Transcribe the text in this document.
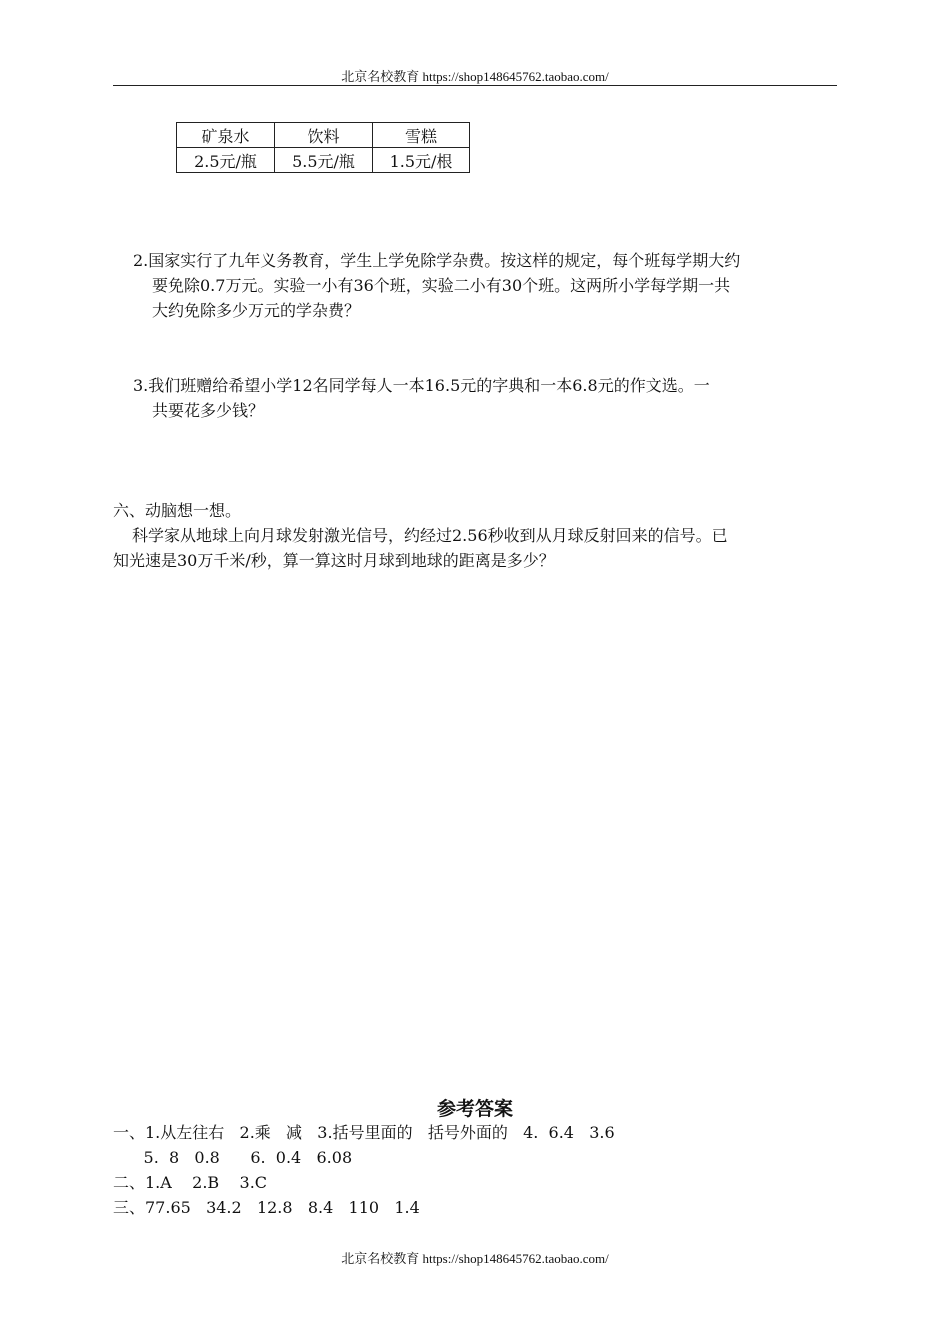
北京名校教育 https://shop148645762.taobao.com/
矿泉水	饮料	雪糕
2.5元/瓶	5.5元/瓶	1.5元/根
2.国家实行了九年义务教育，学生上学免除学杂费。按这样的规定，每个班每学期大约
要免除0.7万元。实验一小有36个班，实验二小有30个班。这两所小学每学期一共
大约免除多少万元的学杂费？
3.我们班赠给希望小学12名同学每人一本16.5元的字典和一本6.8元的作文选。一
共要花多少钱？
六、动脑想一想。
科学家从地球上向月球发射激光信号，约经过2.56秒收到从月球反射回来的信号。已
知光速是30万千米/秒，算一算这时月球到地球的距离是多少？
参考答案
一、1.从左往右   2.乘   减   3.括号里面的   括号外面的   4.  6.4   3.6
5.  8   0.8      6.  0.4   6.08
二、1.A    2.B    3.C
三、77.65   34.2   12.8   8.4   110   1.4
北京名校教育 https://shop148645762.taobao.com/
